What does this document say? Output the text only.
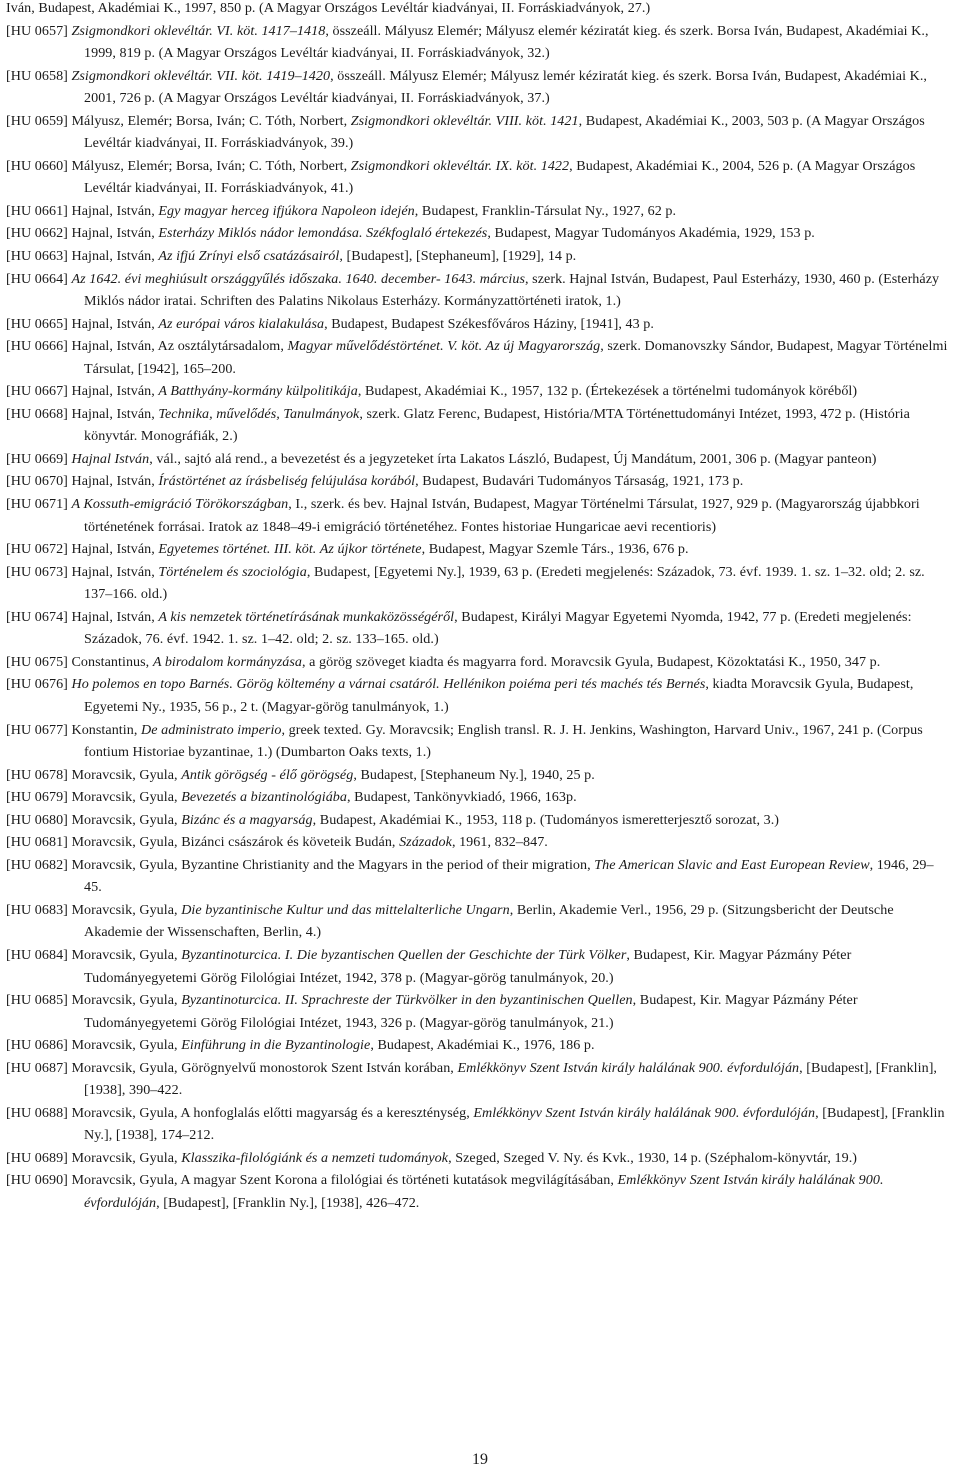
Iván, Budapest, Akadémiai K., 1997, 850 p. (A Magyar Országos Levéltár kiadványai, II. Forráskiadványok, 27.)

[HU 0657] Zsigmondkori oklevéltár. VI. köt. 1417–1418, összeáll. Mályusz Elemér; Mályusz elemér kéziratát kieg. és szerk. Borsa Iván, Budapest, Akadémiai K., 1999, 819 p. (A Magyar Országos Levéltár kiadványai, II. Forráskiadványok, 32.)

[HU 0658] Zsigmondkori oklevéltár. VII. köt. 1419–1420, összeáll. Mályusz Elemér; Mályusz lemér kéziratát kieg. és szerk. Borsa Iván, Budapest, Akadémiai K., 2001, 726 p. (A Magyar Országos Levéltár kiadványai, II. Forráskiadványok, 37.)

[HU 0659] Mályusz, Elemér; Borsa, Iván; C. Tóth, Norbert, Zsigmondkori oklevéltár. VIII. köt. 1421, Budapest, Akadémiai K., 2003, 503 p. (A Magyar Országos Levéltár kiadványai, II. Forráskiadványok, 39.)

[HU 0660] Mályusz, Elemér; Borsa, Iván; C. Tóth, Norbert, Zsigmondkori oklevéltár. IX. köt. 1422, Budapest, Akadémiai K., 2004, 526 p. (A Magyar Országos Levéltár kiadványai, II. Forráskiadványok, 41.)

[HU 0661] Hajnal, István, Egy magyar herceg ifjúkora Napoleon idején, Budapest, Franklin-Társulat Ny., 1927, 62 p.

[HU 0662] Hajnal, István, Esterházy Miklós nádor lemondása. Székfoglaló értekezés, Budapest, Magyar Tudományos Akadémia, 1929, 153 p.

[HU 0663] Hajnal, István, Az ifjú Zrínyi első csatázásairól, [Budapest], [Stephaneum], [1929], 14 p.

[HU 0664] Az 1642. évi meghiúsult országgyűlés időszaka. 1640. december- 1643. március, szerk. Hajnal István, Budapest, Paul Esterházy, 1930, 460 p. (Esterházy Miklós nádor iratai. Schriften des Palatins Nikolaus Esterházy. Kormányzattörténeti iratok, 1.)

[HU 0665] Hajnal, István, Az európai város kialakulása, Budapest, Budapest Székesfőváros Háziny, [1941], 43 p.

[HU 0666] Hajnal, István, Az osztálytársadalom, Magyar művelődéstörténet. V. köt. Az új Magyarország, szerk. Domanovszky Sándor, Budapest, Magyar Történelmi Társulat, [1942], 165–200.

[HU 0667] Hajnal, István, A Batthyány-kormány külpolitikája, Budapest, Akadémiai K., 1957, 132 p. (Értekezések a történelmi tudományok köréből)

[HU 0668] Hajnal, István, Technika, művelődés, Tanulmányok, szerk. Glatz Ferenc, Budapest, História/MTA Történettudományi Intézet, 1993, 472 p. (História könyvtár. Monográfiák, 2.)

[HU 0669] Hajnal István, vál., sajtó alá rend., a bevezetést és a jegyzeteket írta Lakatos László, Budapest, Új Mandátum, 2001, 306 p. (Magyar panteon)

[HU 0670] Hajnal, István, Írástörténet az írásbeliség felújulása korából, Budapest, Budavári Tudományos Társaság, 1921, 173 p.

[HU 0671] A Kossuth-emigráció Törökországban, I., szerk. és bev. Hajnal István, Budapest, Magyar Történelmi Társulat, 1927, 929 p. (Magyarország újabbkori történetének forrásai. Iratok az 1848–49-i emigráció történetéhez. Fontes historiae Hungaricae aevi recentioris)

[HU 0672] Hajnal, István, Egyetemes történet. III. köt. Az újkor története, Budapest, Magyar Szemle Társ., 1936, 676 p.

[HU 0673] Hajnal, István, Történelem és szociológia, Budapest, [Egyetemi Ny.], 1939, 63 p. (Eredeti megjelenés: Századok, 73. évf. 1939. 1. sz. 1–32. old; 2. sz. 137–166. old.)

[HU 0674] Hajnal, István, A kis nemzetek történetírásának munkaközösségéről, Budapest, Királyi Magyar Egyetemi Nyomda, 1942, 77 p. (Eredeti megjelenés: Századok, 76. évf. 1942. 1. sz. 1–42. old; 2. sz. 133–165. old.)

[HU 0675] Constantinus, A birodalom kormányzása, a görög szöveget kiadta és magyarra ford. Moravcsik Gyula, Budapest, Közoktatási K., 1950, 347 p.

[HU 0676] Ho polemos en topo Barnés. Görög költemény a várnai csatáról. Hellénikon poiéma peri tés machés tés Bernés, kiadta Moravcsik Gyula, Budapest, Egyetemi Ny., 1935, 56 p., 2 t. (Magyar-görög tanulmányok, 1.)

[HU 0677] Konstantin, De administrato imperio, greek texted. Gy. Moravcsik; English transl. R. J. H. Jenkins, Washington, Harvard Univ., 1967, 241 p. (Corpus fontium Historiae byzantinae, 1.) (Dumbarton Oaks texts, 1.)

[HU 0678] Moravcsik, Gyula, Antik görögség - élő görögség, Budapest, [Stephaneum Ny.], 1940, 25 p.

[HU 0679] Moravcsik, Gyula, Bevezetés a bizantinológiába, Budapest, Tankönyvkiadó, 1966, 163p.

[HU 0680] Moravcsik, Gyula, Bizánc és a magyarság, Budapest, Akadémiai K., 1953, 118 p. (Tudományos ismeretterjesztő sorozat, 3.)

[HU 0681] Moravcsik, Gyula, Bizánci császárok és követeik Budán, Századok, 1961, 832–847.

[HU 0682] Moravcsik, Gyula, Byzantine Christianity and the Magyars in the period of their migration, The American Slavic and East European Review, 1946, 29–45.

[HU 0683] Moravcsik, Gyula, Die byzantinische Kultur und das mittelalterliche Ungarn, Berlin, Akademie Verl., 1956, 29 p. (Sitzungsbericht der Deutsche Akademie der Wissenschaften, Berlin, 4.)

[HU 0684] Moravcsik, Gyula, Byzantinoturcica. I. Die byzantischen Quellen der Geschichte der Türk Völker, Budapest, Kir. Magyar Pázmány Péter Tudományegyetemi Görög Filológiai Intézet, 1942, 378 p. (Magyar-görög tanulmányok, 20.)

[HU 0685] Moravcsik, Gyula, Byzantinoturcica. II. Sprachreste der Türkvölker in den byzantinischen Quellen, Budapest, Kir. Magyar Pázmány Péter Tudományegyetemi Görög Filológiai Intézet, 1943, 326 p. (Magyar-görög tanulmányok, 21.)

[HU 0686] Moravcsik, Gyula, Einführung in die Byzantinologie, Budapest, Akadémiai K., 1976, 186 p.

[HU 0687] Moravcsik, Gyula, Görögnyelvű monostorok Szent István korában, Emlékkönyv Szent István király halálának 900. évfordulóján, [Budapest], [Franklin], [1938], 390–422.

[HU 0688] Moravcsik, Gyula, A honfoglalás előtti magyarság és a kereszténység, Emlékkönyv Szent István király halálának 900. évfordulóján, [Budapest], [Franklin Ny.], [1938], 174–212.

[HU 0689] Moravcsik, Gyula, Klasszika-filológiánk és a nemzeti tudományok, Szeged, Szeged V. Ny. és Kvk., 1930, 14 p. (Széphalom-könyvtár, 19.)

[HU 0690] Moravcsik, Gyula, A magyar Szent Korona a filológiai és történeti kutatások megvilágításában, Emlékkönyv Szent István király halálának 900. évfordulóján, [Budapest], [Franklin Ny.], [1938], 426–472.

19
